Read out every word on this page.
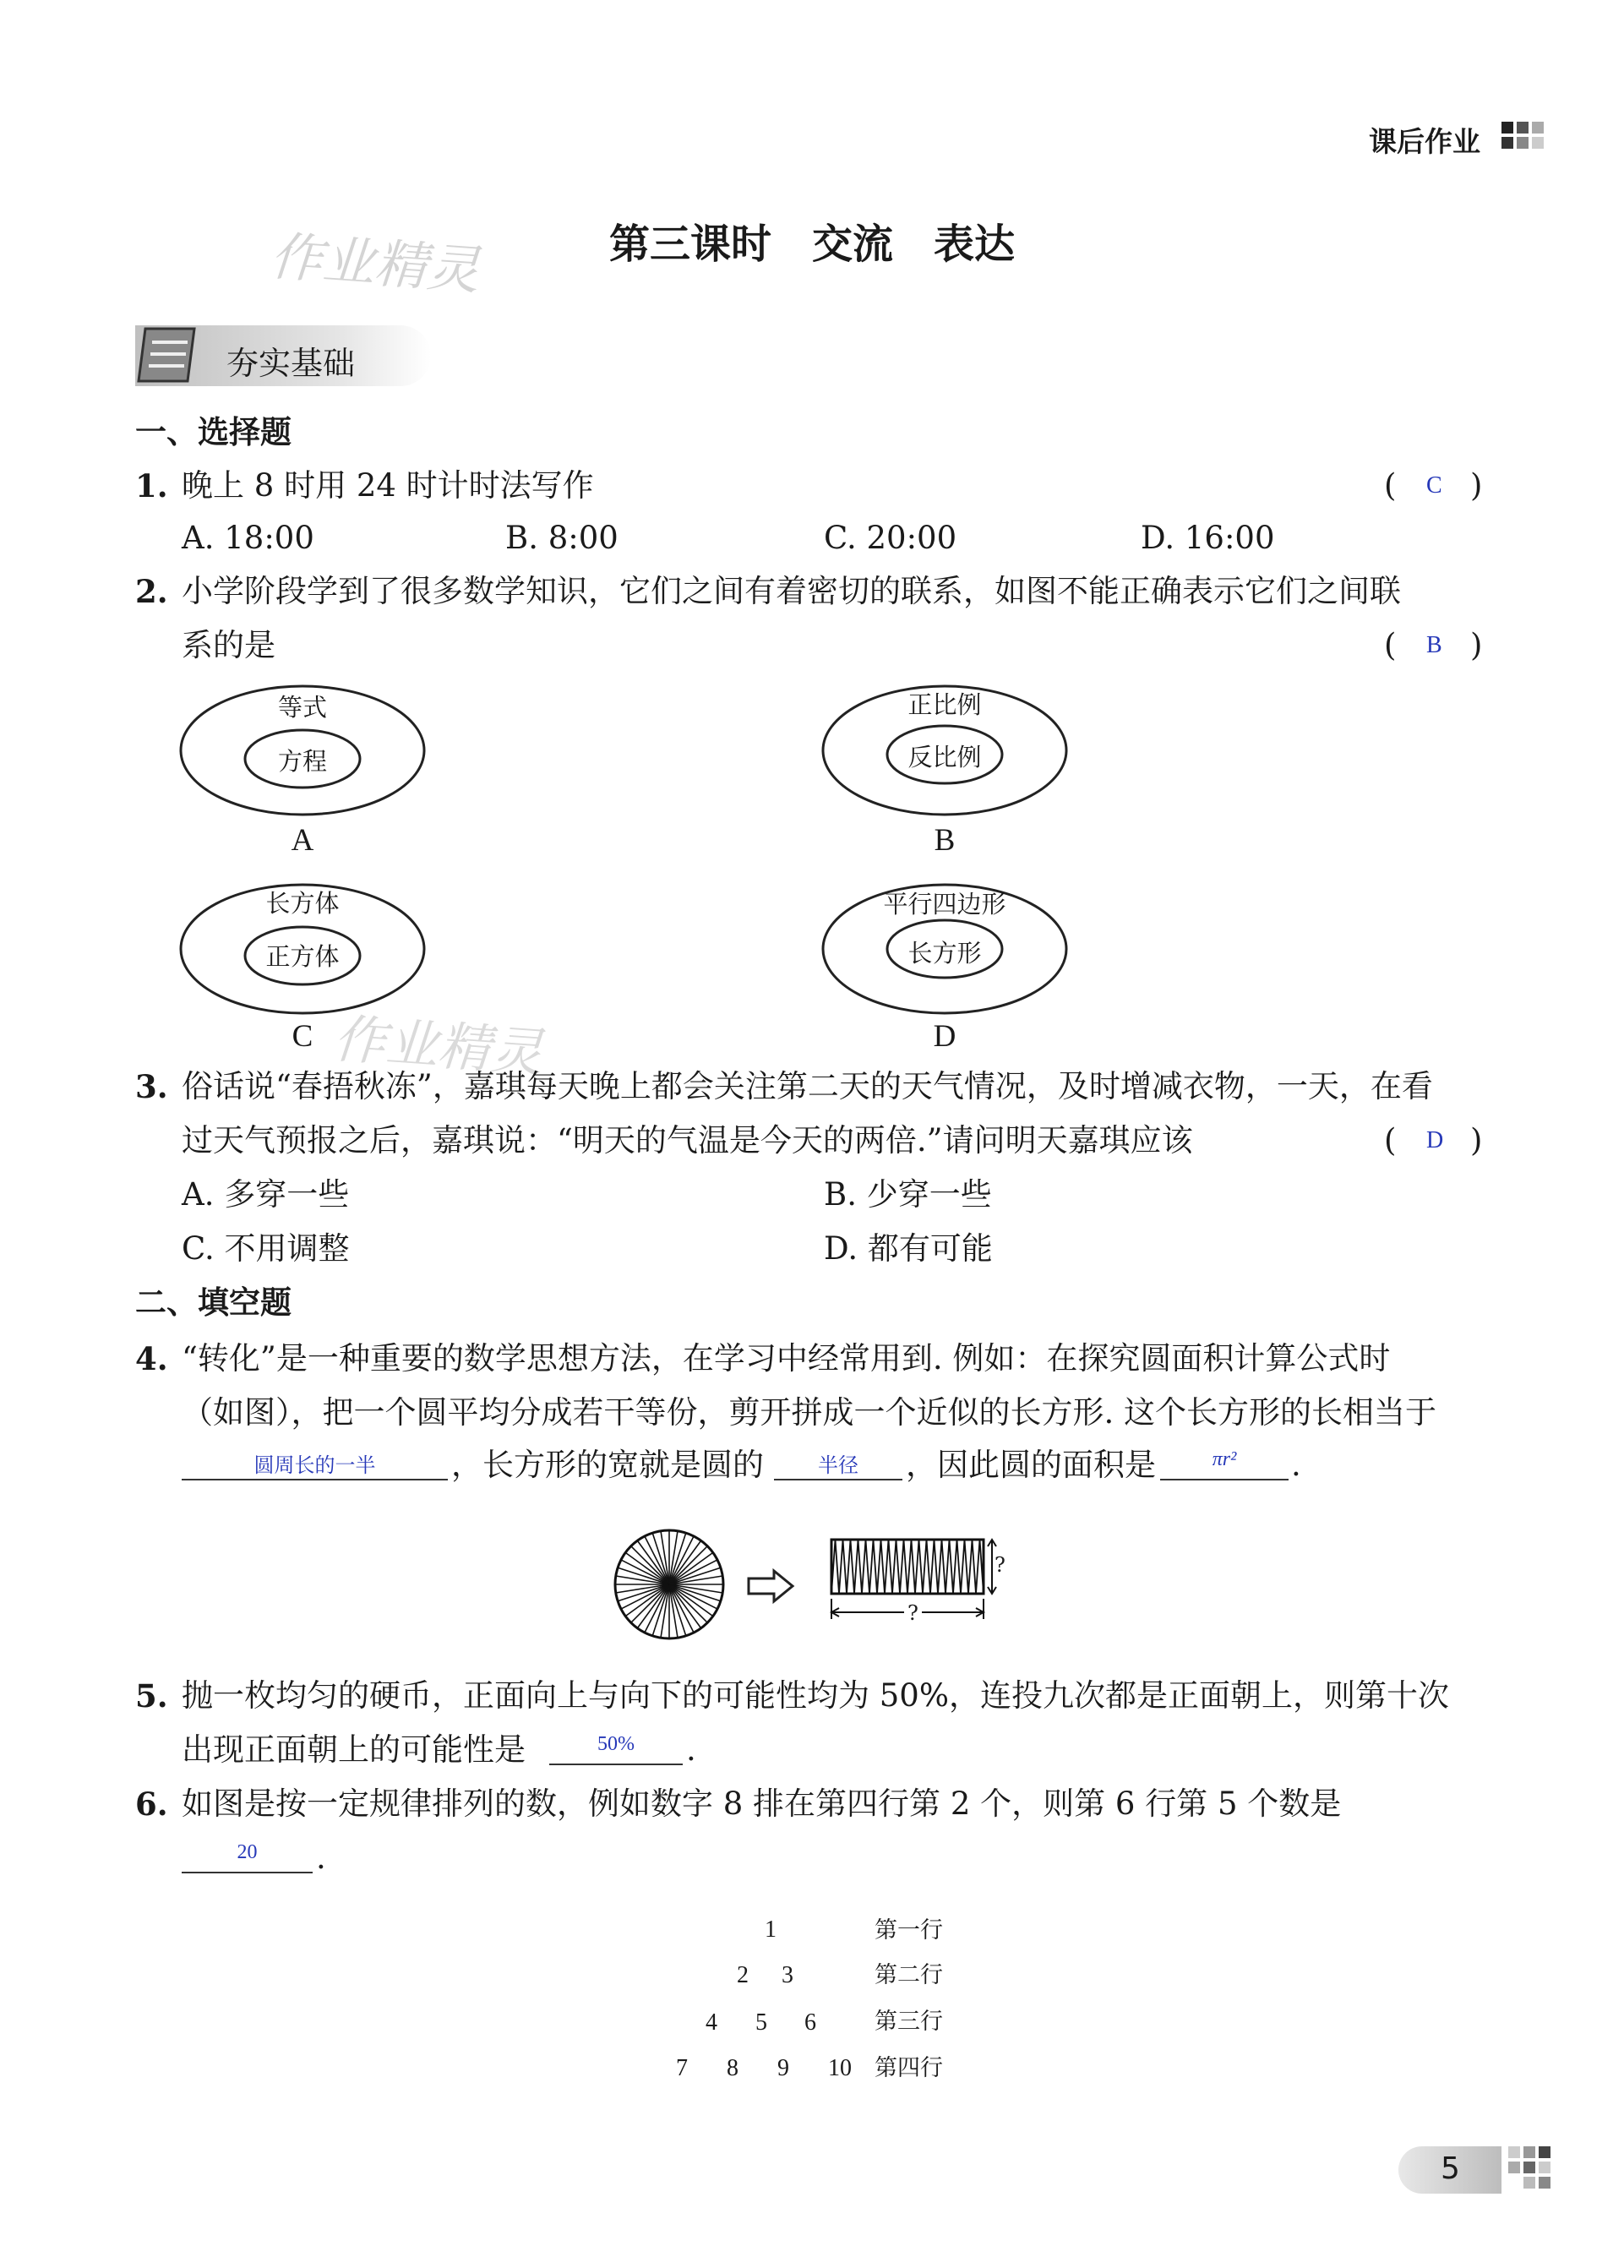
课后作业
作业精灵
作业精灵
第三课时　交流　表达
夯实基础
一、选择题
1. 晚上 8 时用 24 时计时法写作	( C )
A. 18:00	B. 8:00	C. 20:00	D. 16:00
2. 小学阶段学到了很多数学知识，它们之间有着密切的联系，如图不能正确表示它们之间联
系的是	( B )
等式
方程
A
正比例
反比例
B
长方体
正方体
C
平行四边形
长方形
D
3. 俗话说“春捂秋冻”，嘉琪每天晚上都会关注第二天的天气情况，及时增减衣物，一天，在看
过天气预报之后，嘉琪说：“明天的气温是今天的两倍.”请问明天嘉琪应该	( D )
A. 多穿一些	B. 少穿一些
C. 不用调整	D. 都有可能
二、填空题
4. “转化”是一种重要的数学思想方法，在学习中经常用到. 例如：在探究圆面积计算公式时
（如图），把一个圆平均分成若干等份，剪开拼成一个近似的长方形. 这个长方形的长相当于
圆周长的一半	，长方形的宽就是圆的	半径	，因此圆的面积是	πr²	.
?
?
5. 抛一枚均匀的硬币，正面向上与向下的可能性均为 50%，连投九次都是正面朝上，则第十次
出现正面朝上的可能性是	50%	.
6. 如图是按一定规律排列的数，例如数字 8 排在第四行第 2 个，则第 6 行第 5 个数是
20	.
1	第一行
2 3	第二行
4 5 6	第三行
7 8 9 10 第四行
5
